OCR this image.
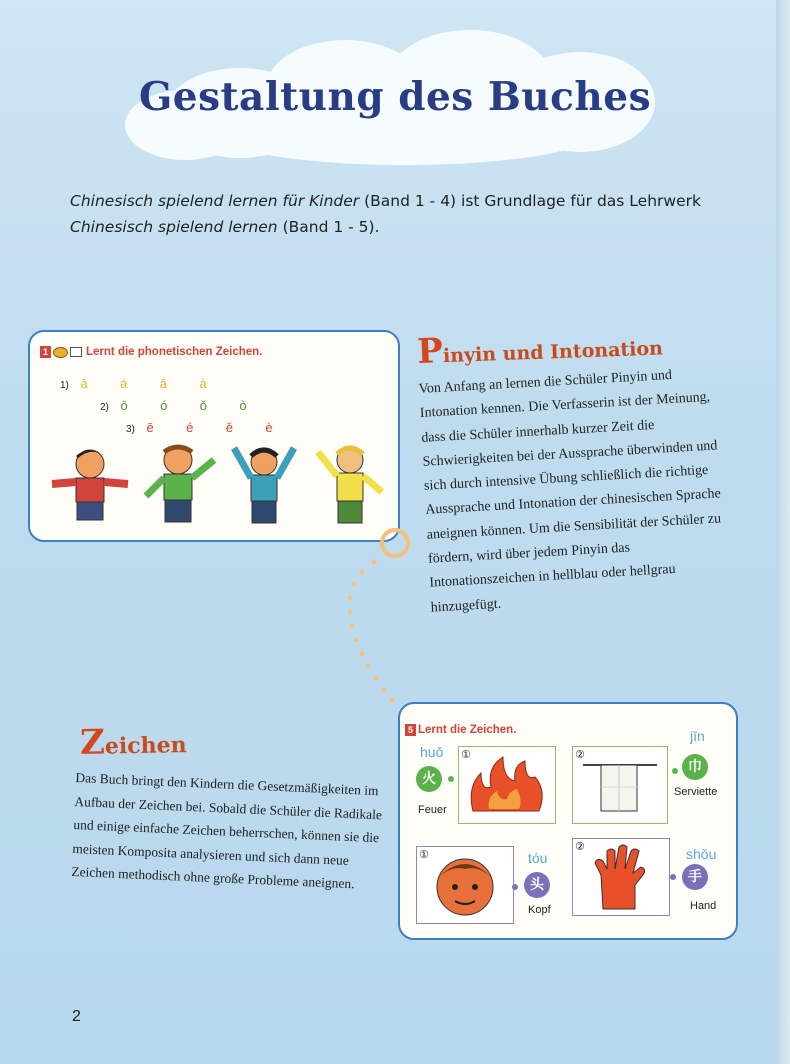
Gestaltung des Buches

Chinesisch spielend lernen für Kinder (Band 1 - 4) ist Grundlage für das Lehrwerk
Chinesisch spielend lernen (Band 1 - 5).

1	Lernt die phonetischen Zeichen.
1) ā á ǎ à
2) ō ó ǒ ò
3) ē é ě è
Pinyin und Intonation

Von Anfang an lernen die Schüler Pinyin und Intonation kennen. Die Verfasserin ist der Meinung, dass die Schüler innerhalb kurzer Zeit die Schwierigkeiten bei der Aussprache überwinden und sich durch intensive Übung schließlich die richtige Aussprache und Intonation der chinesischen Sprache aneignen können. Um die Sensibilität der Schüler zu fördern, wird über jedem Pinyin das Intonationszeichen in hellblau oder hellgrau hinzugefügt.

Zeichen

Das Buch bringt den Kindern die Gesetzmäßigkeiten im Aufbau der Zeichen bei. Sobald die Schüler die Radikale und einige einfache Zeichen beherrschen, können sie die meisten Komposita analysieren und sich dann neue Zeichen methodisch ohne große Probleme aneignen.

5 Lernt die Zeichen.
huǒ
火
Feuer
①	②
jīn
巾
Serviette
①	tóu
头
Kopf
②	shǒu
手
Hand

2
